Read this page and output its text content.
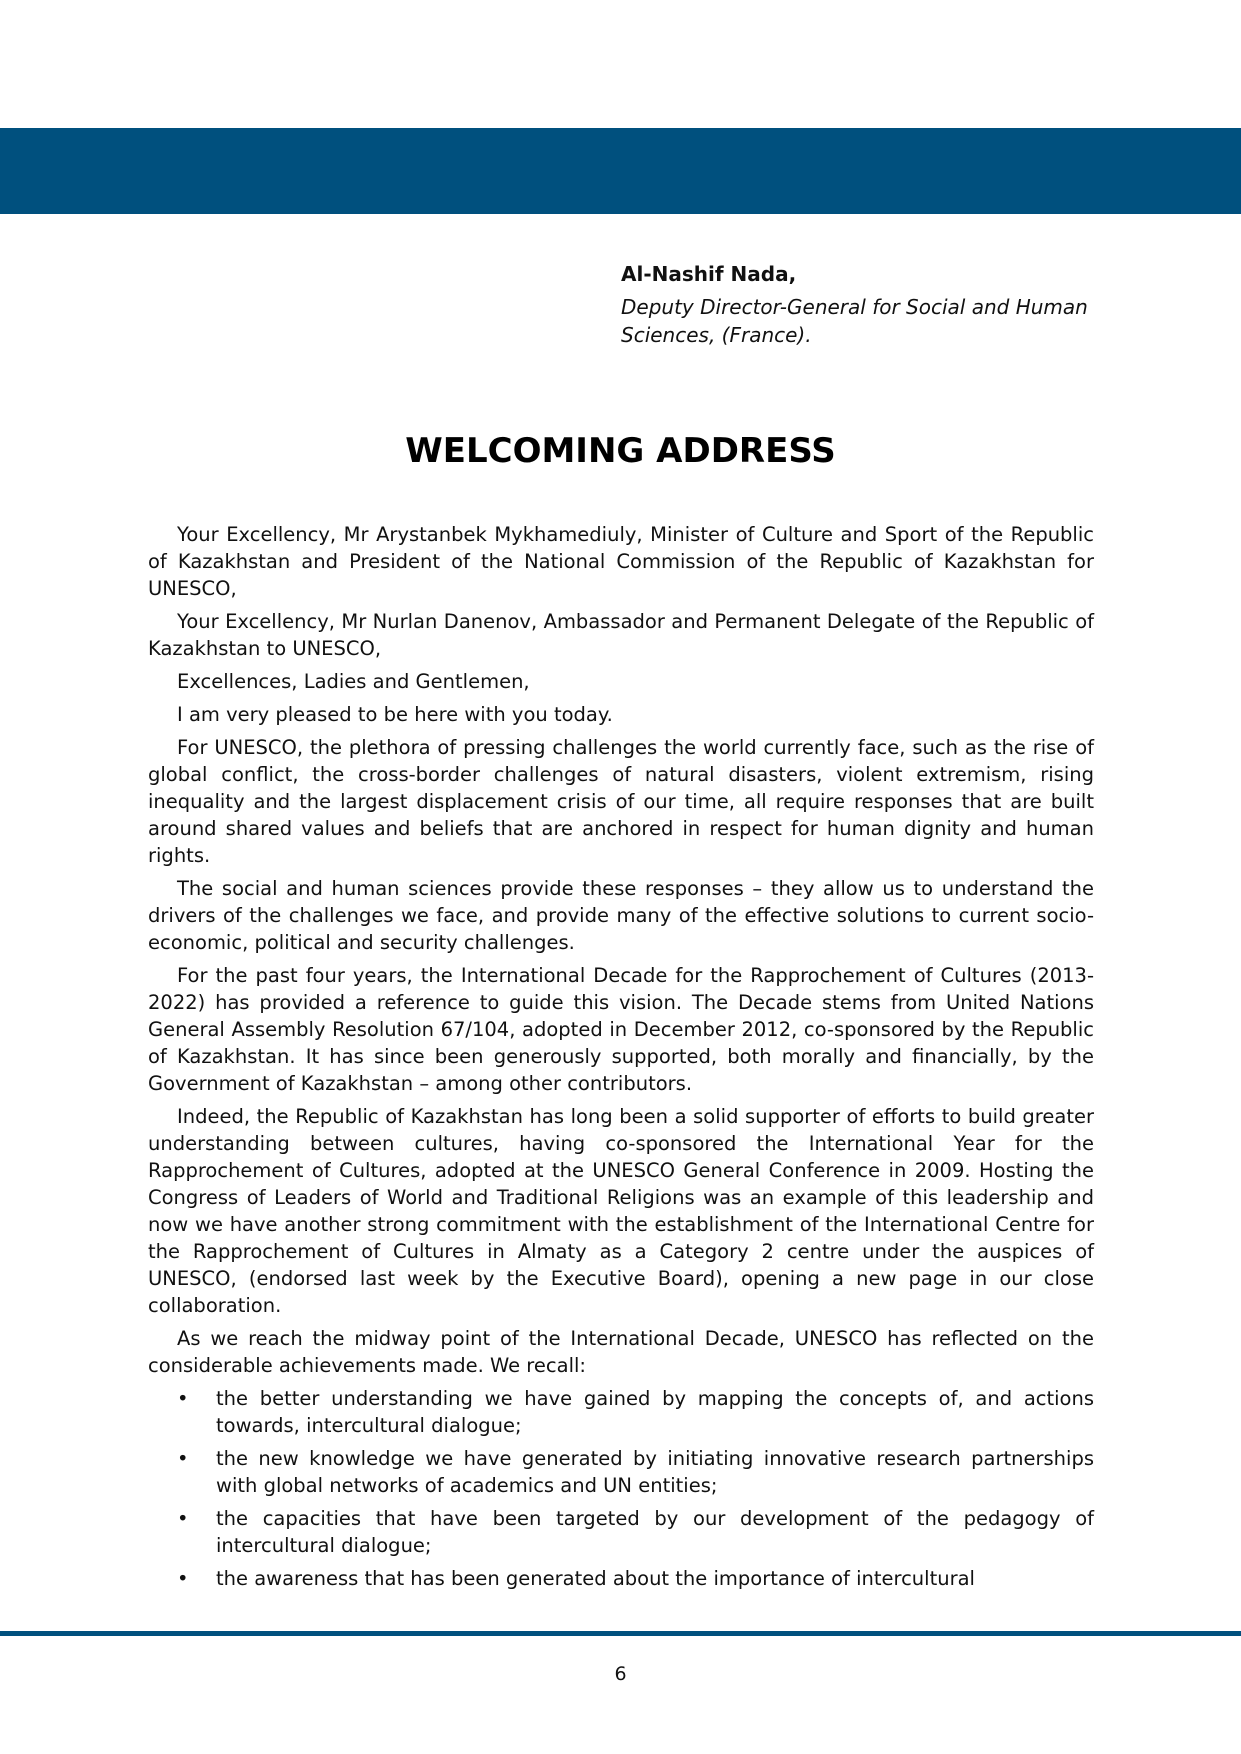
Al-Nashif Nada,

Deputy Director-General for Social and Human Sciences, (France).

WELCOMING ADDRESS

Your Excellency, Mr Arystanbek Mykhamediuly, Minister of Culture and Sport of the Republic of Kazakhstan and President of the National Commission of the Republic of Kazakhstan for UNESCO,

Your Excellency, Mr Nurlan Danenov, Ambassador and Permanent Delegate of the Republic of Kazakhstan to UNESCO,

Excellences, Ladies and Gentlemen,

I am very pleased to be here with you today.

For UNESCO, the plethora of pressing challenges the world currently face, such as the rise of global conflict, the cross-border challenges of natural disasters, violent extremism, rising inequality and the largest displacement crisis of our time, all require responses that are built around shared values and beliefs that are anchored in respect for human dignity and human rights.

The social and human sciences provide these responses – they allow us to understand the drivers of the challenges we face, and provide many of the effective solutions to current socio-economic, political and security challenges.

For the past four years, the International Decade for the Rapprochement of Cultures (2013-2022) has provided a reference to guide this vision. The Decade stems from United Nations General Assembly Resolution 67/104, adopted in December 2012, co-sponsored by the Republic of Kazakhstan. It has since been generously supported, both morally and financially, by the Government of Kazakhstan – among other contributors.

Indeed, the Republic of Kazakhstan has long been a solid supporter of efforts to build greater understanding between cultures, having co-sponsored the International Year for the Rapprochement of Cultures, adopted at the UNESCO General Conference in 2009. Hosting the Congress of Leaders of World and Traditional Religions was an example of this leadership and now we have another strong commitment with the establishment of the International Centre for the Rapprochement of Cultures in Almaty as a Category 2 centre under the auspices of UNESCO, (endorsed last week by the Executive Board), opening a new page in our close collaboration.

As we reach the midway point of the International Decade, UNESCO has reflected on the considerable achievements made. We recall:

• the better understanding we have gained by mapping the concepts of, and actions towards, intercultural dialogue;
• the new knowledge we have generated by initiating innovative research partnerships with global networks of academics and UN entities;
• the capacities that have been targeted by our development of the pedagogy of intercultural dialogue;
• the awareness that has been generated about the importance of intercultural
6
